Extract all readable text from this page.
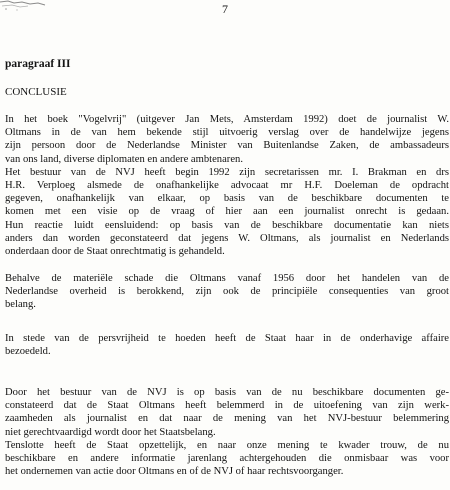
7
paragraaf III
CONCLUSIE
In het boek "Vogelvrij" (uitgever Jan Mets, Amsterdam 1992) doet de journalist W.
Oltmans in de van hem bekende stijl uitvoerig verslag over de handelwijze jegens
zijn persoon door de Nederlandse Minister van Buitenlandse Zaken, de ambassadeurs
van ons land, diverse diplomaten en andere ambtenaren.
Het bestuur van de NVJ heeft begin 1992 zijn secretarissen mr. I. Brakman en drs
H.R. Verploeg alsmede de onafhankelijke advocaat mr H.F. Doeleman de opdracht
gegeven, onafhankelijk van elkaar, op basis van de beschikbare documenten te
komen met een visie op de vraag of hier aan een journalist onrecht is gedaan.
Hun reactie luidt eensluidend: op basis van de beschikbare documentatie kan niets
anders dan worden geconstateerd dat jegens W. Oltmans, als journalist en Nederlands
onderdaan door de Staat onrechtmatig is gehandeld.
Behalve de materiële schade die Oltmans vanaf 1956 door het handelen van de
Nederlandse overheid is berokkend, zijn ook de principiële consequenties van groot
belang.
In stede van de persvrijheid te hoeden heeft de Staat haar in de onderhavige affaire
bezoedeld.
Door het bestuur van de NVJ is op basis van de nu beschikbare documenten ge-
constateerd dat de Staat Oltmans heeft belemmerd in de uitoefening van zijn werk-
zaamheden als journalist en dat naar de mening van het NVJ-bestuur belemmering
niet gerechtvaardigd wordt door het Staatsbelang.
Tenslotte heeft de Staat opzettelijk, en naar onze mening te kwader trouw, de nu
beschikbare en andere informatie jarenlang achtergehouden die onmisbaar was voor
het ondernemen van actie door Oltmans en of de NVJ of haar rechtsvoorganger.
